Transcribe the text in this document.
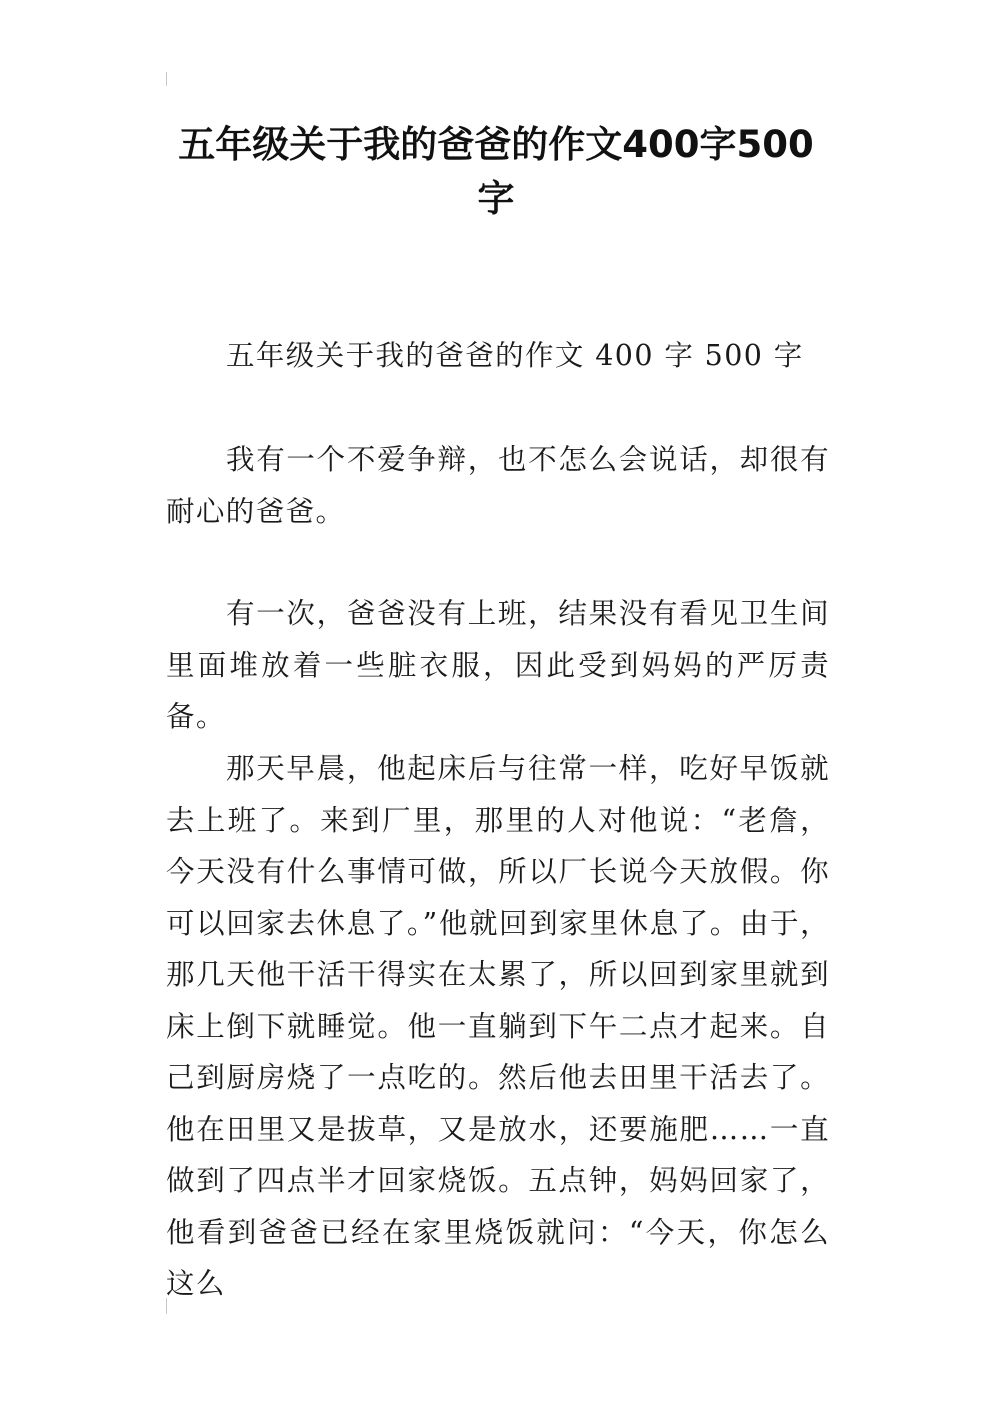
五年级关于我的爸爸的作文400字500字

五年级关于我的爸爸的作文 400 字 500 字

我有一个不爱争辩，也不怎么会说话，却很有耐心的爸爸。

有一次，爸爸没有上班，结果没有看见卫生间里面堆放着一些脏衣服，因此受到妈妈的严厉责备。

那天早晨，他起床后与往常一样，吃好早饭就去上班了。来到厂里，那里的人对他说：“老詹，今天没有什么事情可做，所以厂长说今天放假。你可以回家去休息了。”他就回到家里休息了。由于，那几天他干活干得实在太累了，所以回到家里就到床上倒下就睡觉。他一直躺到下午二点才起来。自己到厨房烧了一点吃的。然后他去田里干活去了。他在田里又是拔草，又是放水，还要施肥……一直做到了四点半才回家烧饭。五点钟，妈妈回家了，他看到爸爸已经在家里烧饭就问：“今天，你怎么这么
